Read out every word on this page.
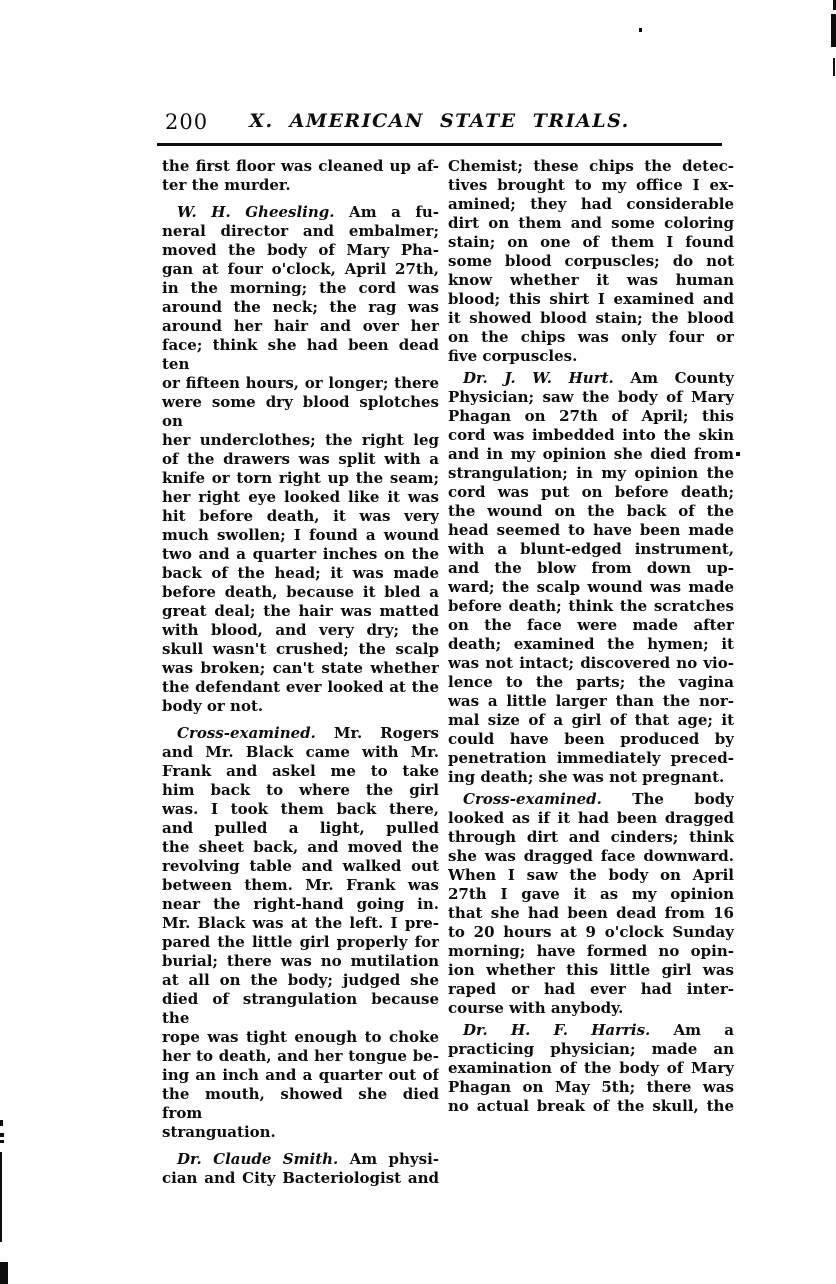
200	X. AMERICAN STATE TRIALS.
the first floor was cleaned up af-
ter the murder.
W. H. Gheesling. Am a fu-
neral director and embalmer;
moved the body of Mary Pha-
gan at four o'clock, April 27th,
in the morning; the cord was
around the neck; the rag was
around her hair and over her
face; think she had been dead ten
or fifteen hours, or longer; there
were some dry blood splotches on
her underclothes; the right leg
of the drawers was split with a
knife or torn right up the seam;
her right eye looked like it was
hit before death, it was very
much swollen; I found a wound
two and a quarter inches on the
back of the head; it was made
before death, because it bled a
great deal; the hair was matted
with blood, and very dry; the
skull wasn't crushed; the scalp
was broken; can't state whether
the defendant ever looked at the
body or not.
Cross-examined. Mr. Rogers
and Mr. Black came with Mr.
Frank and askel me to take
him back to where the girl
was. I took them back there,
and pulled a light, pulled
the sheet back, and moved the
revolving table and walked out
between them. Mr. Frank was
near the right-hand going in.
Mr. Black was at the left. I pre-
pared the little girl properly for
burial; there was no mutilation
at all on the body; judged she
died of strangulation because the
rope was tight enough to choke
her to death, and her tongue be-
ing an inch and a quarter out of
the mouth, showed she died from
stranguation.
Dr. Claude Smith. Am physi-
cian and City Bacteriologist and
Chemist; these chips the detec-
tives brought to my office I ex-
amined; they had considerable
dirt on them and some coloring
stain; on one of them I found
some blood corpuscles; do not
know whether it was human
blood; this shirt I examined and
it showed blood stain; the blood
on the chips was only four or
five corpuscles.
Dr. J. W. Hurt. Am County
Physician; saw the body of Mary
Phagan on 27th of April; this
cord was imbedded into the skin
and in my opinion she died from
strangulation; in my opinion the
cord was put on before death;
the wound on the back of the
head seemed to have been made
with a blunt-edged instrument,
and the blow from down up-
ward; the scalp wound was made
before death; think the scratches
on the face were made after
death; examined the hymen; it
was not intact; discovered no vio-
lence to the parts; the vagina
was a little larger than the nor-
mal size of a girl of that age; it
could have been produced by
penetration immediately preced-
ing death; she was not pregnant.
Cross-examined. The body
looked as if it had been dragged
through dirt and cinders; think
she was dragged face downward.
When I saw the body on April
27th I gave it as my opinion
that she had been dead from 16
to 20 hours at 9 o'clock Sunday
morning; have formed no opin-
ion whether this little girl was
raped or had ever had inter-
course with anybody.
Dr. H. F. Harris. Am a
practicing physician; made an
examination of the body of Mary
Phagan on May 5th; there was
no actual break of the skull, the
